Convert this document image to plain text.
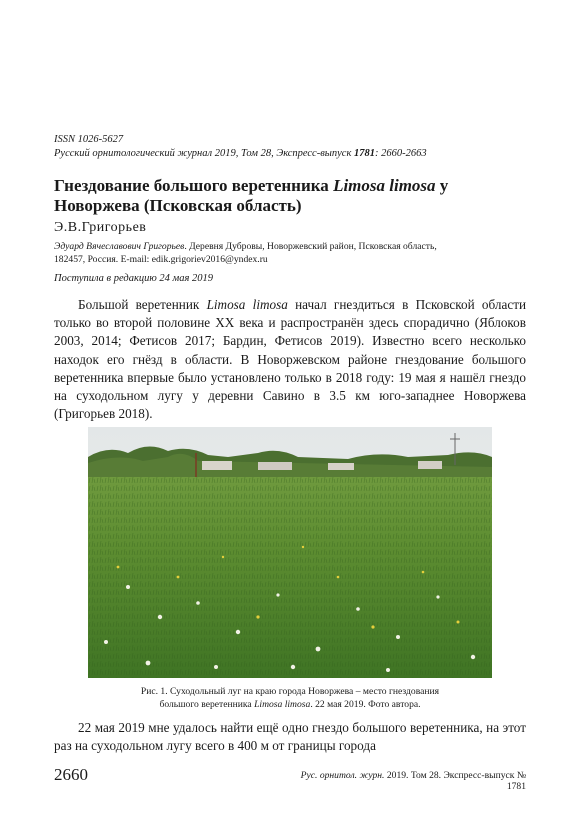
ISSN 1026-5627
Русский орнитологический журнал 2019, Том 28, Экспресс-выпуск 1781: 2660-2663
Гнездование большого веретенника Limosa limosa у Новоржева (Псковская область)
Э.В.Григорьев
Эдуард Вячеславович Григорьев. Деревня Дубровы, Новоржевский район, Псковская область,
182457, Россия. E-mail: edik.grigoriev2016@yndex.ru
Поступила в редакцию 24 мая 2019
Большой веретенник Limosa limosa начал гнездиться в Псковской области только во второй половине XX века и распространён здесь спорадично (Яблоков 2003, 2014; Фетисов 2017; Бардин, Фетисов 2019). Известно всего несколько находок его гнёзд в области. В Новоржевском районе гнездование большого веретенника впервые было установлено только в 2018 году: 19 мая я нашёл гнездо на суходольном лугу у деревни Савино в 3.5 км юго-западнее Новоржева (Григорьев 2018).
Рис. 1. Суходольный луг на краю города Новоржева – место гнездования
большого веретенника Limosa limosa. 22 мая 2019. Фото автора.
22 мая 2019 мне удалось найти ещё одно гнездо большого веретенника, на этот раз на суходольном лугу всего в 400 м от границы города
2660	Рус. орнитол. журн. 2019. Том 28. Экспресс-выпуск № 1781
